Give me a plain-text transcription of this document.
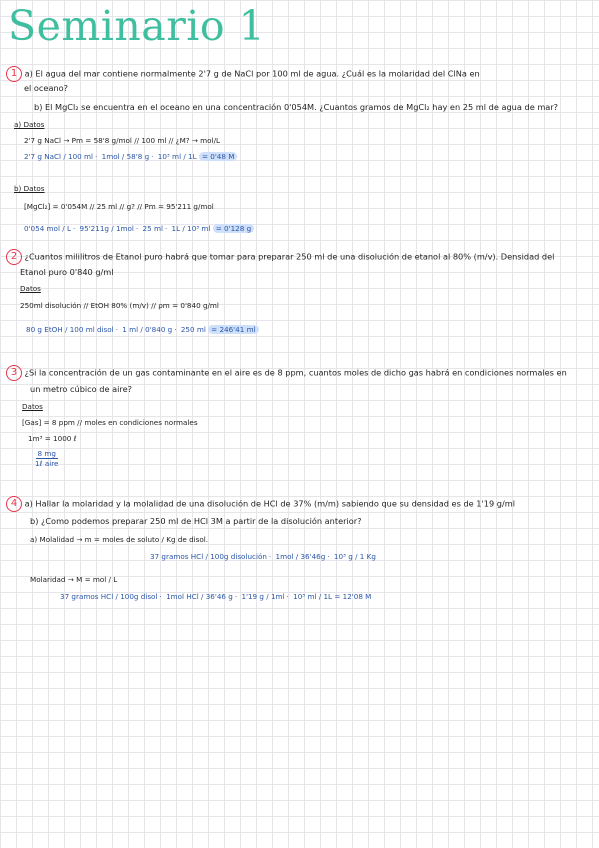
Seminario 1
1 a) El agua del mar contiene normalmente 2'7 g de NaCl por 100 ml de agua. ¿Cuál es la molaridad del ClNa en
el oceano?
b) El MgCl₂ se encuentra en el oceano en una concentración 0'054M. ¿Cuantos gramos de MgCl₂ hay en 25 ml de agua de mar?
a) Datos
2'7 g NaCl → Pm = 58'8 g/mol // 100 ml // ¿M? → mol/L
2'7 g NaCl / 100 ml · 1mol / 58'8 g · 10³ ml / 1L = 0'48 M
b) Datos
[MgCl₂] = 0'054M // 25 ml // g? // Pm = 95'211 g/mol
0'054 mol / L · 95'211g / 1mol · 25 ml · 1L / 10³ ml = 0'128 g
2 ¿Cuantos mililitros de Etanol puro habrá que tomar para preparar 250 ml de una disolución de etanol al 80% (m/v). Densidad del
Etanol puro 0'840 g/ml
Datos
250ml disolución // EtOH 80% (m/v) // ρm = 0'840 g/ml
80 g EtOH / 100 ml disol · 1 ml / 0'840 g · 250 ml = 246'41 ml
3 ¿Si la concentración de un gas contaminante en el aire es de 8 ppm, cuantos moles de dicho gas habrá en condiciones normales en
un metro cúbico de aire?
Datos
[Gas] = 8 ppm // moles en condiciones normales
1m³ = 1000 ℓ
$\frac{8 mg}{\text{1ℓ aire}}$
4 a) Hallar la molaridad y la molalidad de una disolución de HCl de 37% (m/m) sabiendo que su densidad es de 1'19 g/ml
b) ¿Como podemos preparar 250 ml de HCl 3M a partir de la disolución anterior?
a) Molalidad → m = moles de soluto / Kg de disol.
37 gramos HCl / 100g disolución · 1mol / 36'46g · 10³ g / 1 Kg
Molaridad → M = mol / L
37 gramos HCl / 100g disol · 1mol HCl / 36'46 g · 1'19 g / 1ml · 10³ ml / 1L = 12'08 M
